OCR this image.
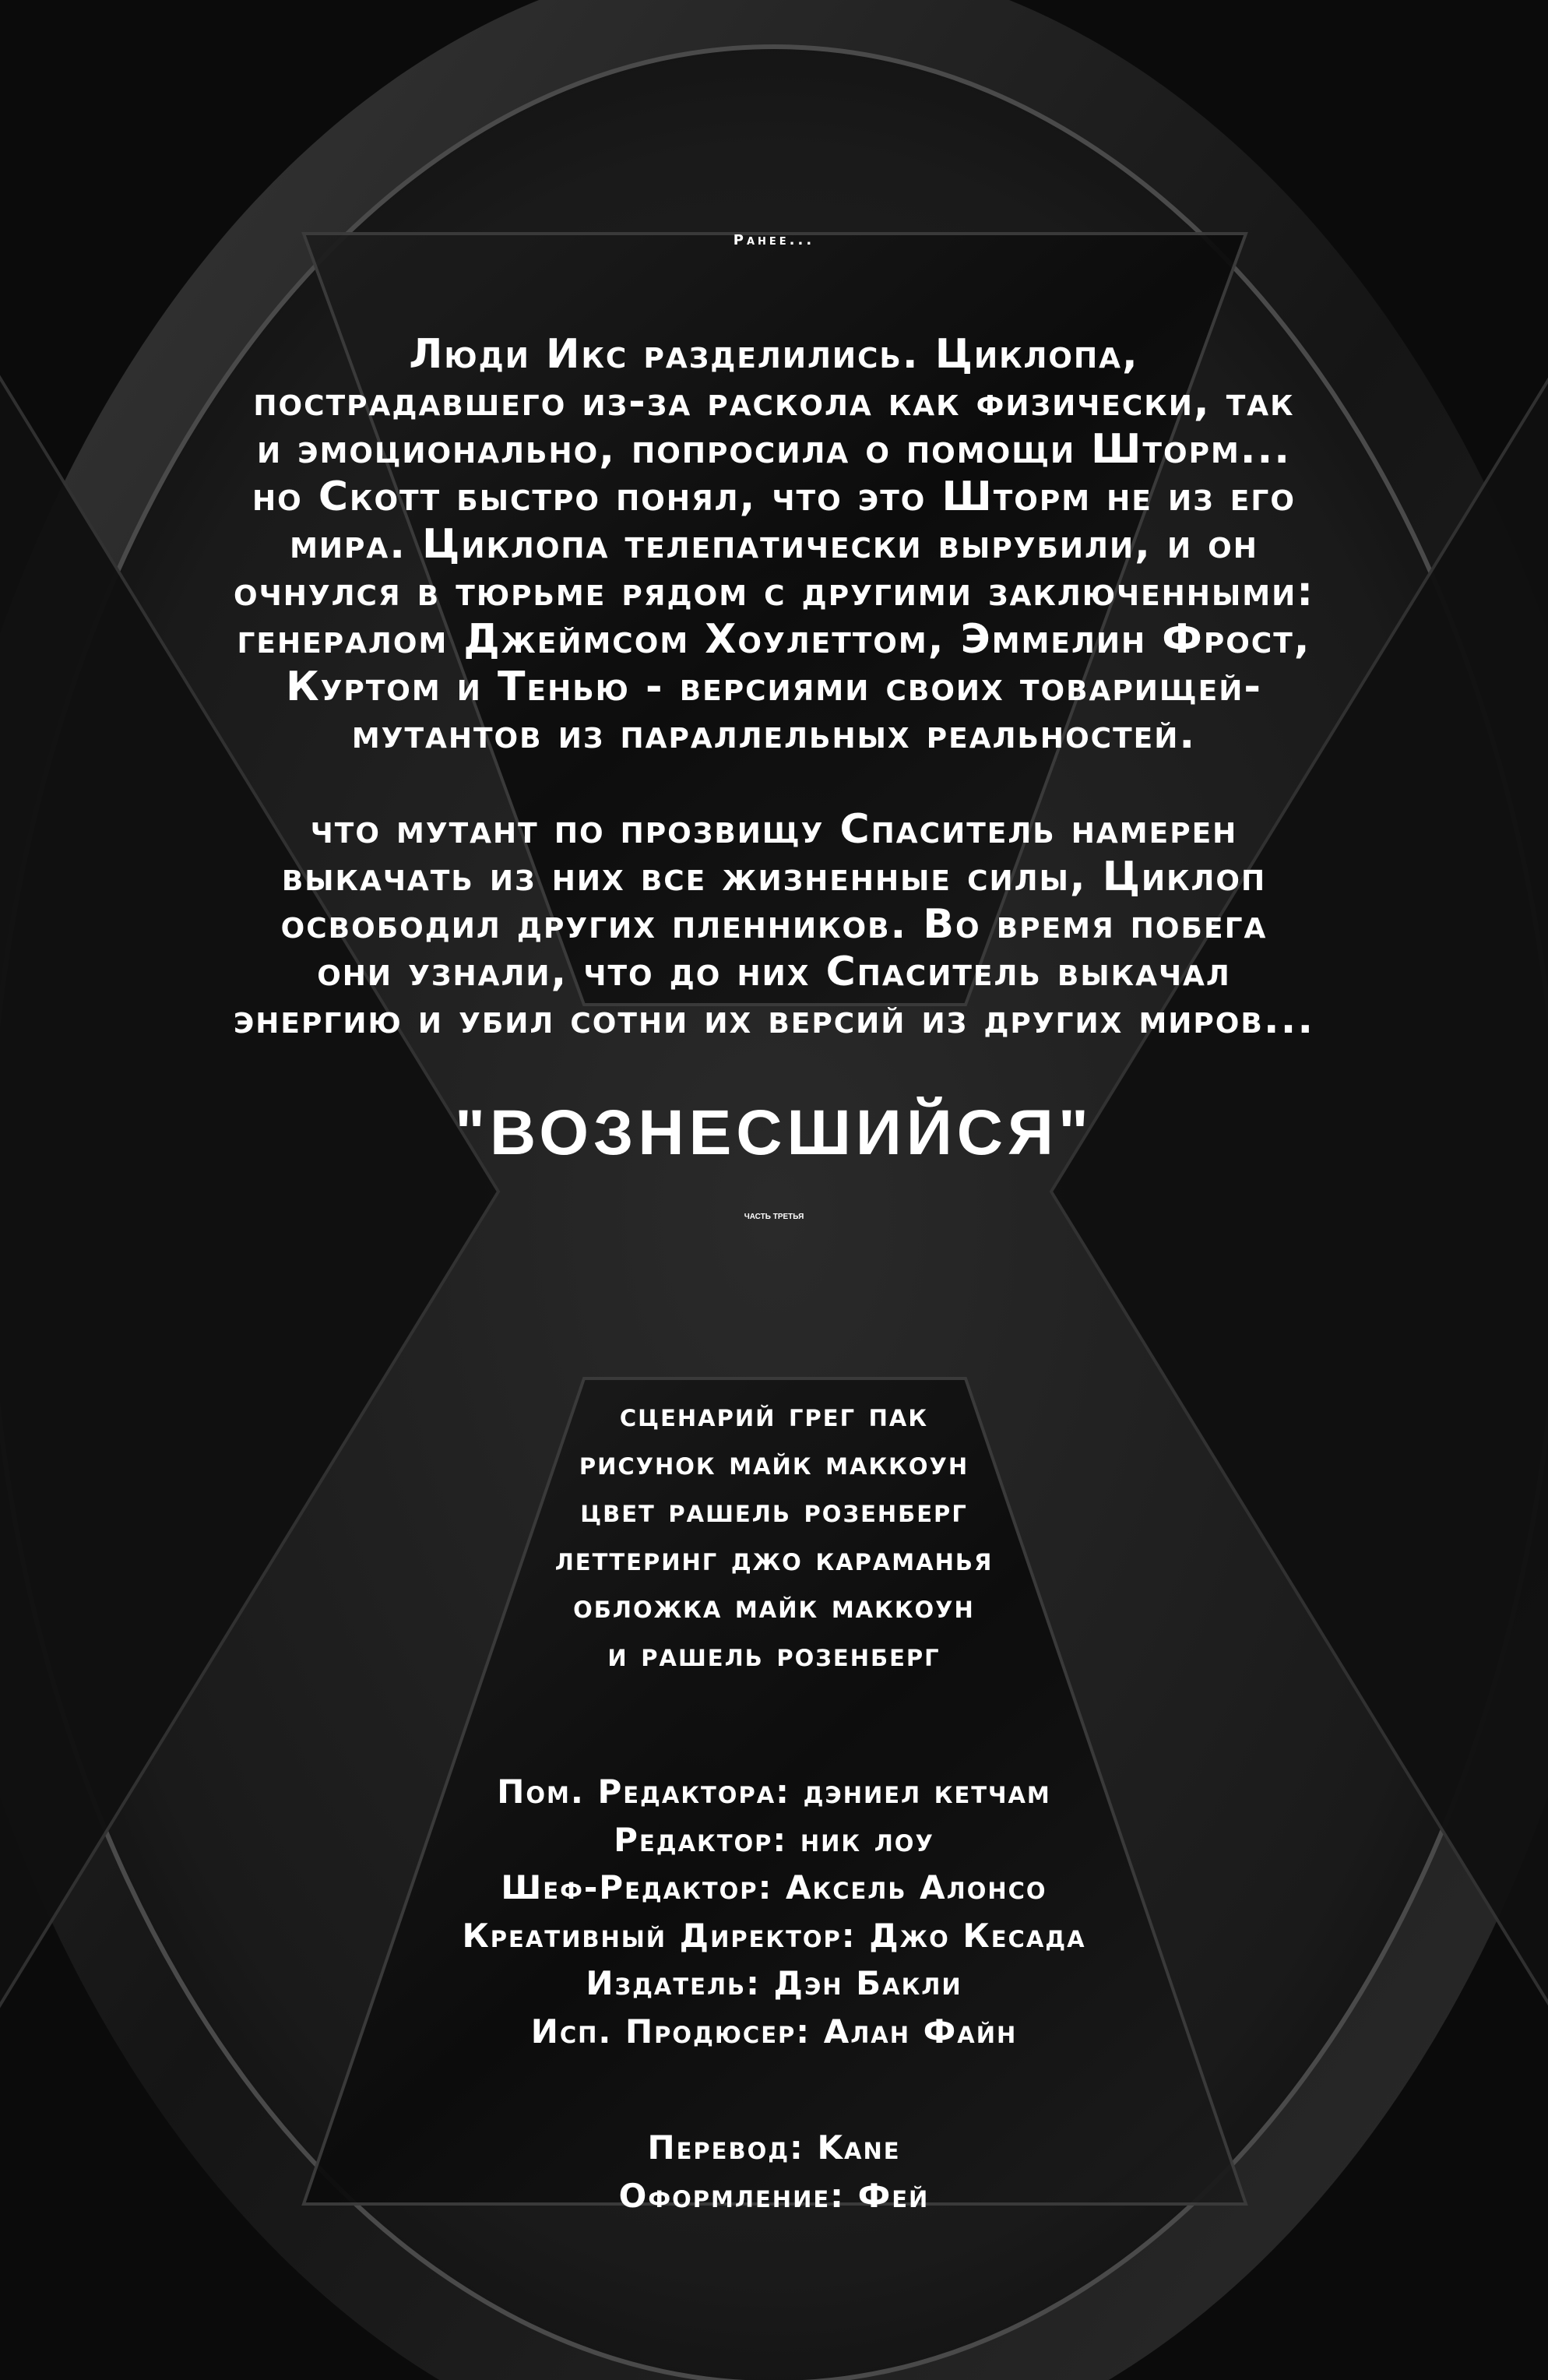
Ранее...
Люди Икс разделились. Циклопа,
пострадавшего из-за раскола как физически, так
и эмоционально, попросила о помощи Шторм...
но Скотт быстро понял, что это Шторм не из его
мира. Циклопа телепатически вырубили, и он
очнулся в тюрьме рядом с другими заключенными:
генералом Джеймсом Хоулеттом, Эммелин Фрост,
Куртом и Тенью - версиями своих товарищей-
мутантов из параллельных реальностей.
что мутант по прозвищу Спаситель намерен
выкачать из них все жизненные силы, Циклоп
освободил других пленников. Во время побега
они узнали, что до них Спаситель выкачал
энергию и убил сотни их версий из других миров...
"ВОЗНЕСШИЙСЯ"
ЧАСТЬ ТРЕТЬЯ
сценарий грег пак
рисунок майк маккоун
цвет рашель розенберг
леттеринг джо караманья
обложка майк маккоун
и рашель розенберг
Пом. Редактора: дэниел кетчам
Редактор: ник лоу
Шеф-Редактор: Аксель Алонсо
Креативный Директор: Джо Кесада
Издатель: Дэн Бакли
Исп. Продюсер: Алан Файн
Перевод: Kane
Оформление: Фей
